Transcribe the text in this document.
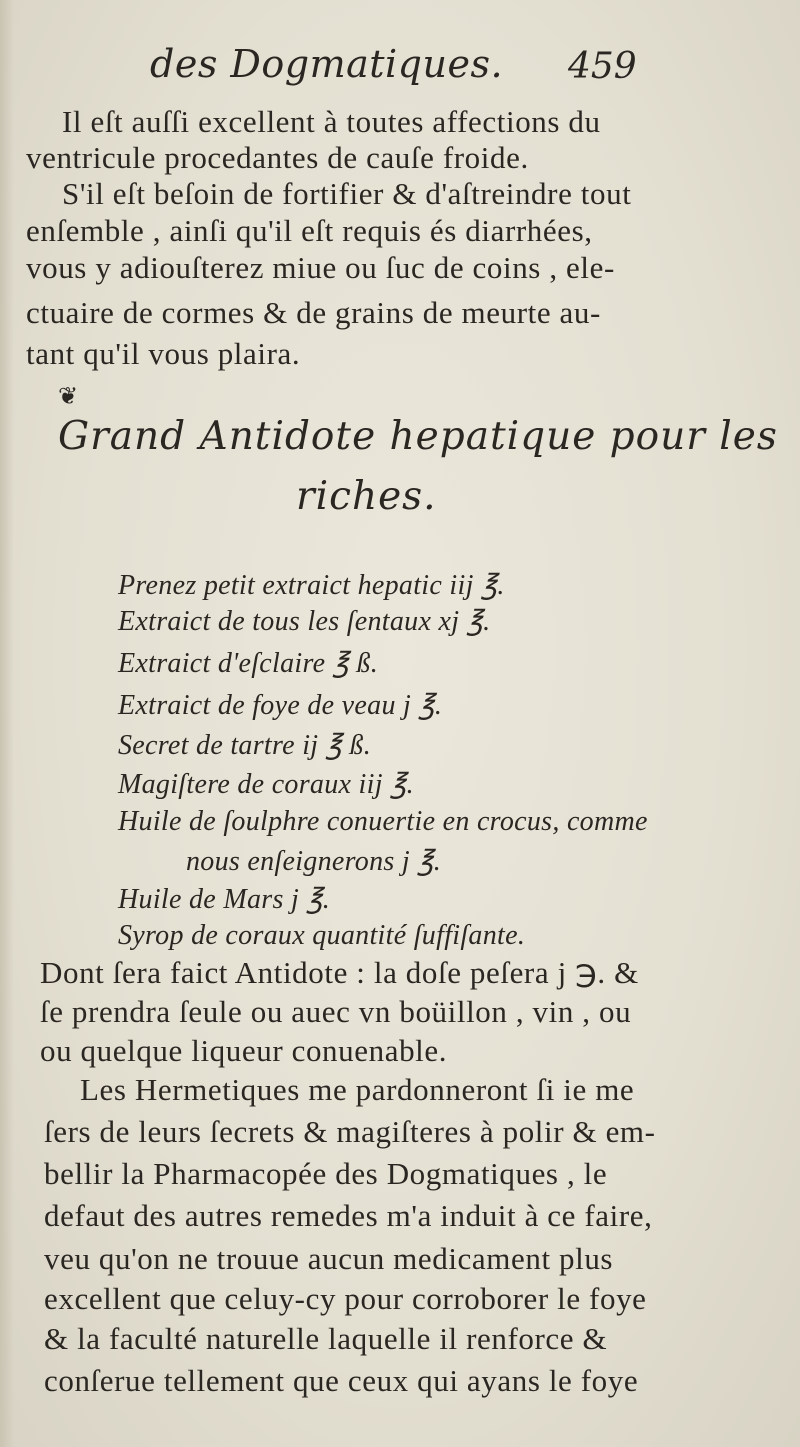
des Dogmatiques. 459
Il eſt auſſi excellent à toutes affections du
ventricule procedantes de cauſe froide.
S'il eſt beſoin de fortifier & d'aſtreindre tout
enſemble , ainſi qu'il eſt requis és diarrhées,
vous y adiouſterez miue ou ſuc de coins , ele-
ctuaire de cormes & de grains de meurte au-
tant qu'il vous plaira.
❦
Grand Antidote hepatique pour les
riches.
Prenez petit extraict hepatic iij ℥.
Extraict de tous les ſentaux xj ℥.
Extraict d'eſclaire ℥ ß.
Extraict de foye de veau j ℥.
Secret de tartre ij ℥ ß.
Magiſtere de coraux iij ℥.
Huile de ſoulphre conuertie en crocus, comme
nous enſeignerons j ℥.
Huile de Mars j ℥.
Syrop de coraux quantité ſuffiſante.
Dont ſera faict Antidote : la doſe peſera j ℈. &
ſe prendra ſeule ou auec vn boüillon , vin , ou
ou quelque liqueur conuenable.
Les Hermetiques me pardonneront ſi ie me
ſers de leurs ſecrets & magiſteres à polir & em-
bellir la Pharmacopée des Dogmatiques , le
defaut des autres remedes m'a induit à ce faire,
veu qu'on ne trouue aucun medicament plus
excellent que celuy-cy pour corroborer le foye
& la faculté naturelle laquelle il renforce &
conſerue tellement que ceux qui ayans le foye
